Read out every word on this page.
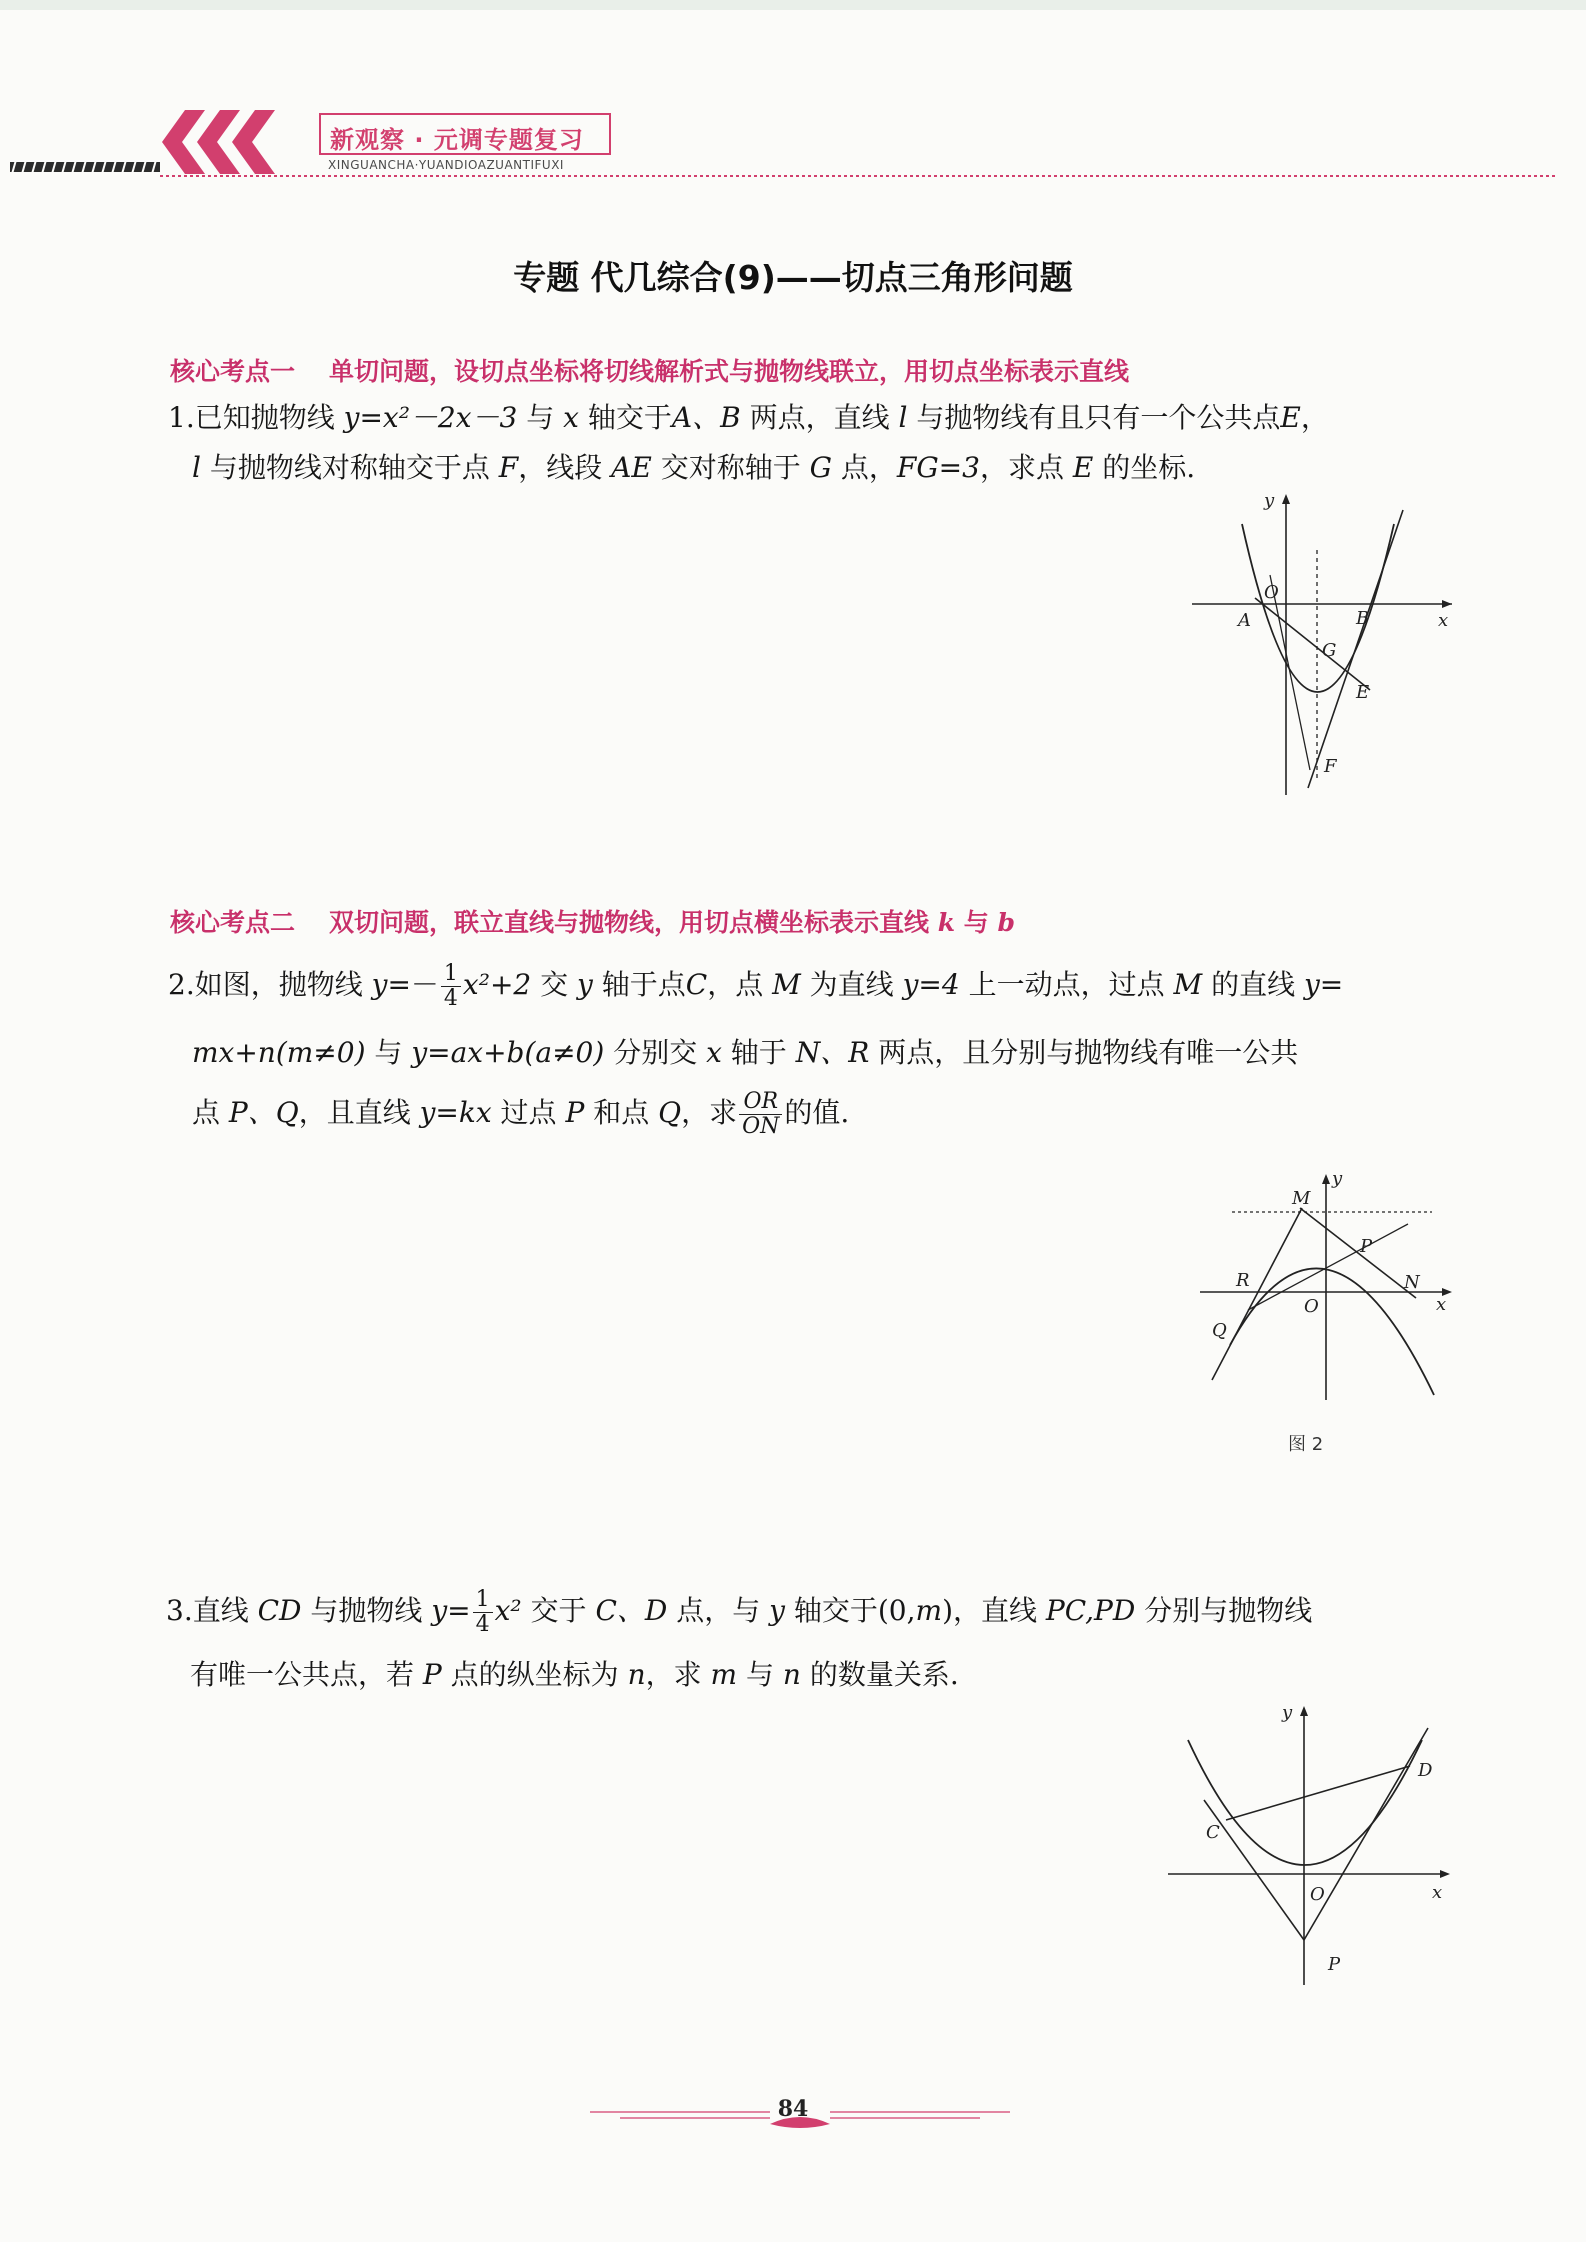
新观察 · 元调专题复习
XINGUANCHA·YUANDIOAZUANTIFUXI
专题 代几综合(9)——切点三角形问题
核心考点一 单切问题，设切点坐标将切线解析式与抛物线联立，用切点坐标表示直线
1.已知抛物线 y=x²－2x－3 与 x 轴交于A、B 两点，直线 l 与抛物线有且只有一个公共点E，
l 与抛物线对称轴交于点 F，线段 AE 交对称轴于 G 点，FG=3，求点 E 的坐标.
y
x
O
A	B
G
E
F
核心考点二 双切问题，联立直线与抛物线，用切点横坐标表示直线 k 与 b
2.如图，抛物线 $y=- \frac{1}{4} x^2+2$ 交 y 轴于点C，点 M 为直线 y=4 上一动点，过点 M 的直线 y=
mx+n(m≠0) 与 y=ax+b(a≠0) 分别交 x 轴于 N、R 两点，且分别与抛物线有唯一公共
点 P、Q，且直线 y=kx 过点 P 和点 Q，求 $\frac{OR}{ON}$ 的值.
M
y
P
R
O
N
x
Q
图 2
3.直线 CD 与抛物线 $y= \frac{1}{4} x^2$ 交于 C、D 点，与 y 轴交于(0,m)，直线 PC,PD 分别与抛物线
有唯一公共点，若 P 点的纵坐标为 n，求 m 与 n 的数量关系.
y
D
C
O	x
P
84
